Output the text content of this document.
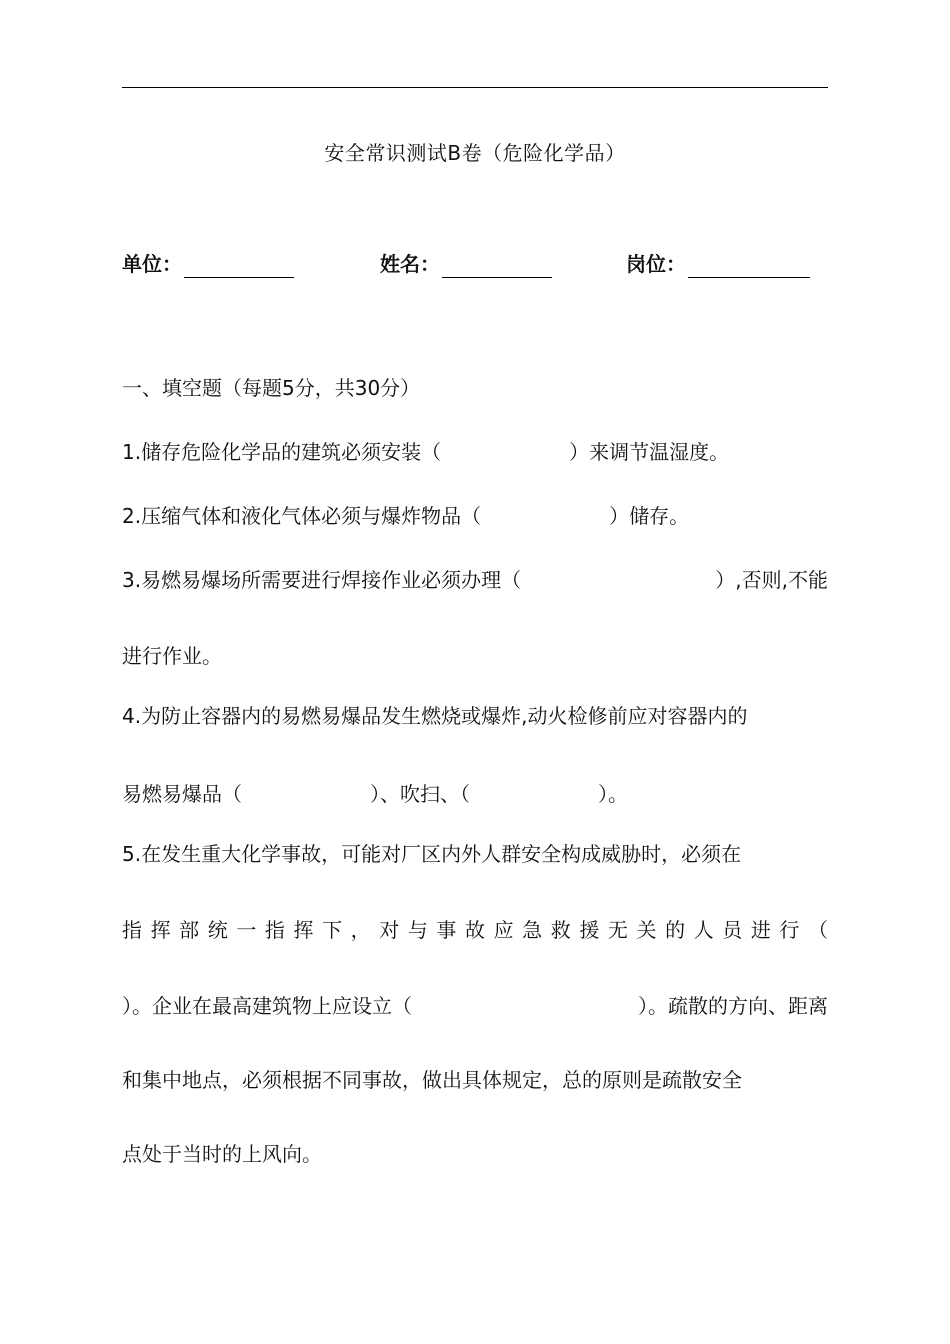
安全常识测试B卷（危险化学品）
单位：	姓名：	岗位：
一、填空题（每题5分，共30分）
1.储存危险化学品的建筑必须安装（	）来调节温湿度。
2.压缩气体和液化气体必须与爆炸物品（	）储存。
3.易燃易爆场所需要进行焊接作业必须办理（	）,否则,不能
进行作业。
4.为防止容器内的易燃易爆品发生燃烧或爆炸,动火检修前应对容器内的
易燃易爆品（	）、吹扫、（	）。
5.在发生重大化学事故，可能对厂区内外人群安全构成威胁时，必须在
指挥部统一指挥下，对与事故应急救援无关的人员进行（
）。企业在最高建筑物上应设立（	）。疏散的方向、距离
和集中地点，必须根据不同事故，做出具体规定，总的原则是疏散安全
点处于当时的上风向。
